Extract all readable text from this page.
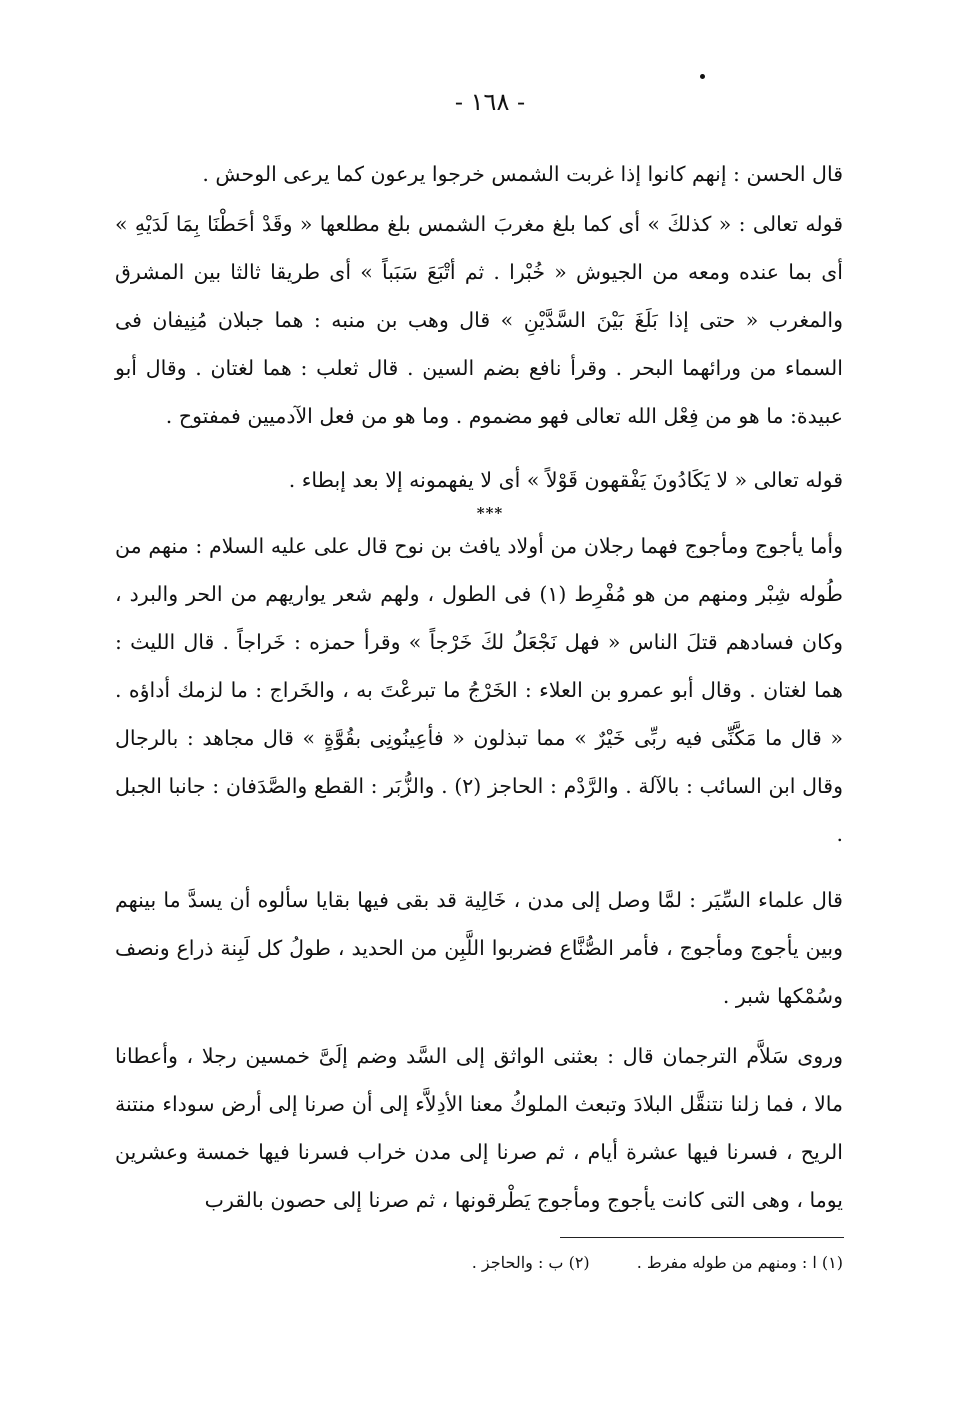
- ١٦٨ -

قال الحسن : إنهم كانوا إذا غربت الشمس خرجوا يرعون كما يرعى الوحش .

قوله تعالى : « كذلكَ » أى كما بلغ مغربَ الشمس بلغ مطلعها « وقَدْ أحَطْنَا بِمَا لَدَيْهِ » أى بما عنده ومعه من الجيوش « خُبْرا . ثم أتْبَعَ سَبَباً » أى طريقا ثالثا بين المشرق والمغرب « حتى إذا بَلَغَ بَيْنَ السَّدَّيْنِ » قال وهب بن منبه : هما جبلان مُنِيفان فى السماء من ورائهما البحر . وقرأ نافع بضم السين . قال ثعلب : هما لغتان . وقال أبو عبيدة: ما هو من فِعْل الله تعالى فهو مضموم . وما هو من فعل الآدميين فمفتوح .

قوله تعالى « لا يَكَادُونَ يَفْقهون قَوْلاً » أى لا يفهمونه إلا بعد إبطاء .

***

وأما يأجوج ومأجوج فهما رجلان من أولاد يافث بن نوح قال على عليه السلام : منهم من طُوله شِبْر ومنهم من هو مُفْرِط (١) فى الطول ، ولهم شعر يواريهم من الحر والبرد ، وكان فسادهم قتلَ الناس « فهل نَجْعَلُ لكَ خَرْجاً » وقرأ حمزه : خَراجاً . قال الليث : هما لغتان . وقال أبو عمرو بن العلاء : الخَرْجُ ما تبرعْتَ به ، والخَراج : ما لزمك أداؤه . « قال ما مَكَّنِّى فيه ربِّى خَيْرٌ » مما تبذلون « فأعِينُونِى بقُوَّةٍ » قال مجاهد : بالرجال وقال ابن السائب : بالآلة . والرَّدْم : الحاجز (٢) . والزُّبَر : القطع والصَّدَفان : جانبا الجبل .

قال علماء السِّيَر : لمَّا وصل إلى مدن ، خَالِية قد بقى فيها بقايا سألوه أن يسدَّ ما بينهم وبين يأجوج ومأجوج ، فأمر الصُّنَّاع فضربوا اللَّبِن من الحديد ، طولُ كل لَبِنة ذراع ونصف وسُمْكها شبر .

وروى سَلاَّم الترجمان قال : بعثنى الواثق إلى السَّد وضم إلَىَّ خمسين رجلا ، وأعطانا مالا ، فما زلنا نتنقَّل البلادَ وتبعث الملوكُ معنا الأدِلاَّء إلى أن صرنا إلى أرض سوداء منتنة الريح ، فسرنا فيها عشرة أيام ، ثم صرنا إلى مدن خراب فسرنا فيها خمسة وعشرين يوما ، وهى التى كانت يأجوج ومأجوج يَطْرقونها ، ثم صرنا إلى حصون بالقرب

(١) ا : ومنهم من طوله مفرط . (٢) ب : والحاجز .
